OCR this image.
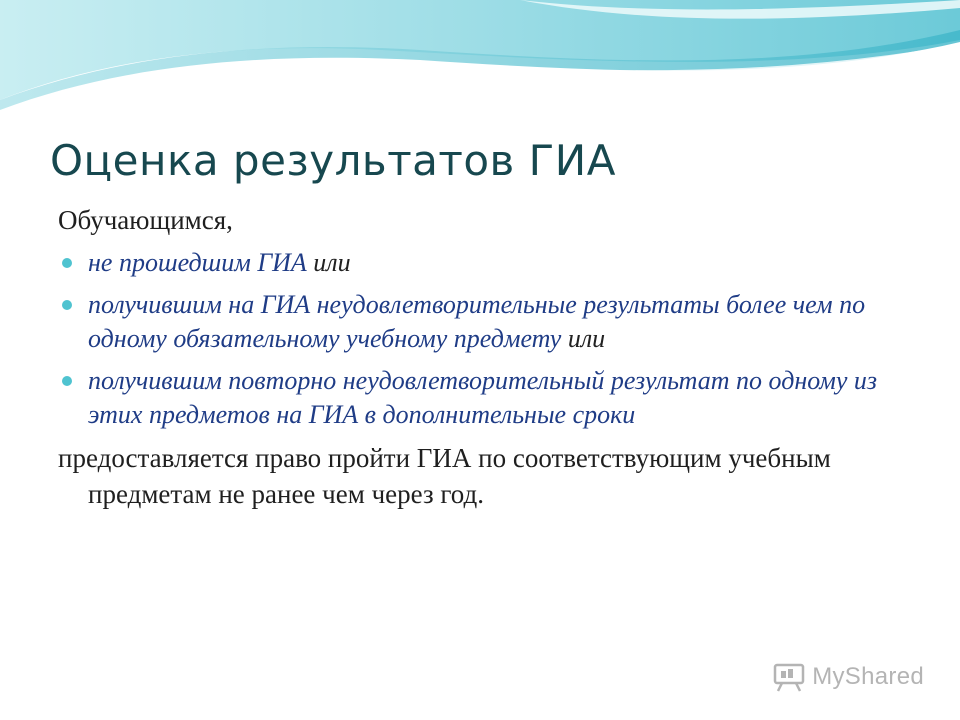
Оценка результатов ГИА

Обучающимся,

не прошедшим ГИА или
получившим на ГИА неудовлетворительные результаты более чем по одному обязательному учебному предмету или
получившим повторно неудовлетворительный результат по одному из этих предметов на ГИА в дополнительные сроки

предоставляется право пройти ГИА по соответствующим учебным предметам не ранее чем через год.

MyShared
